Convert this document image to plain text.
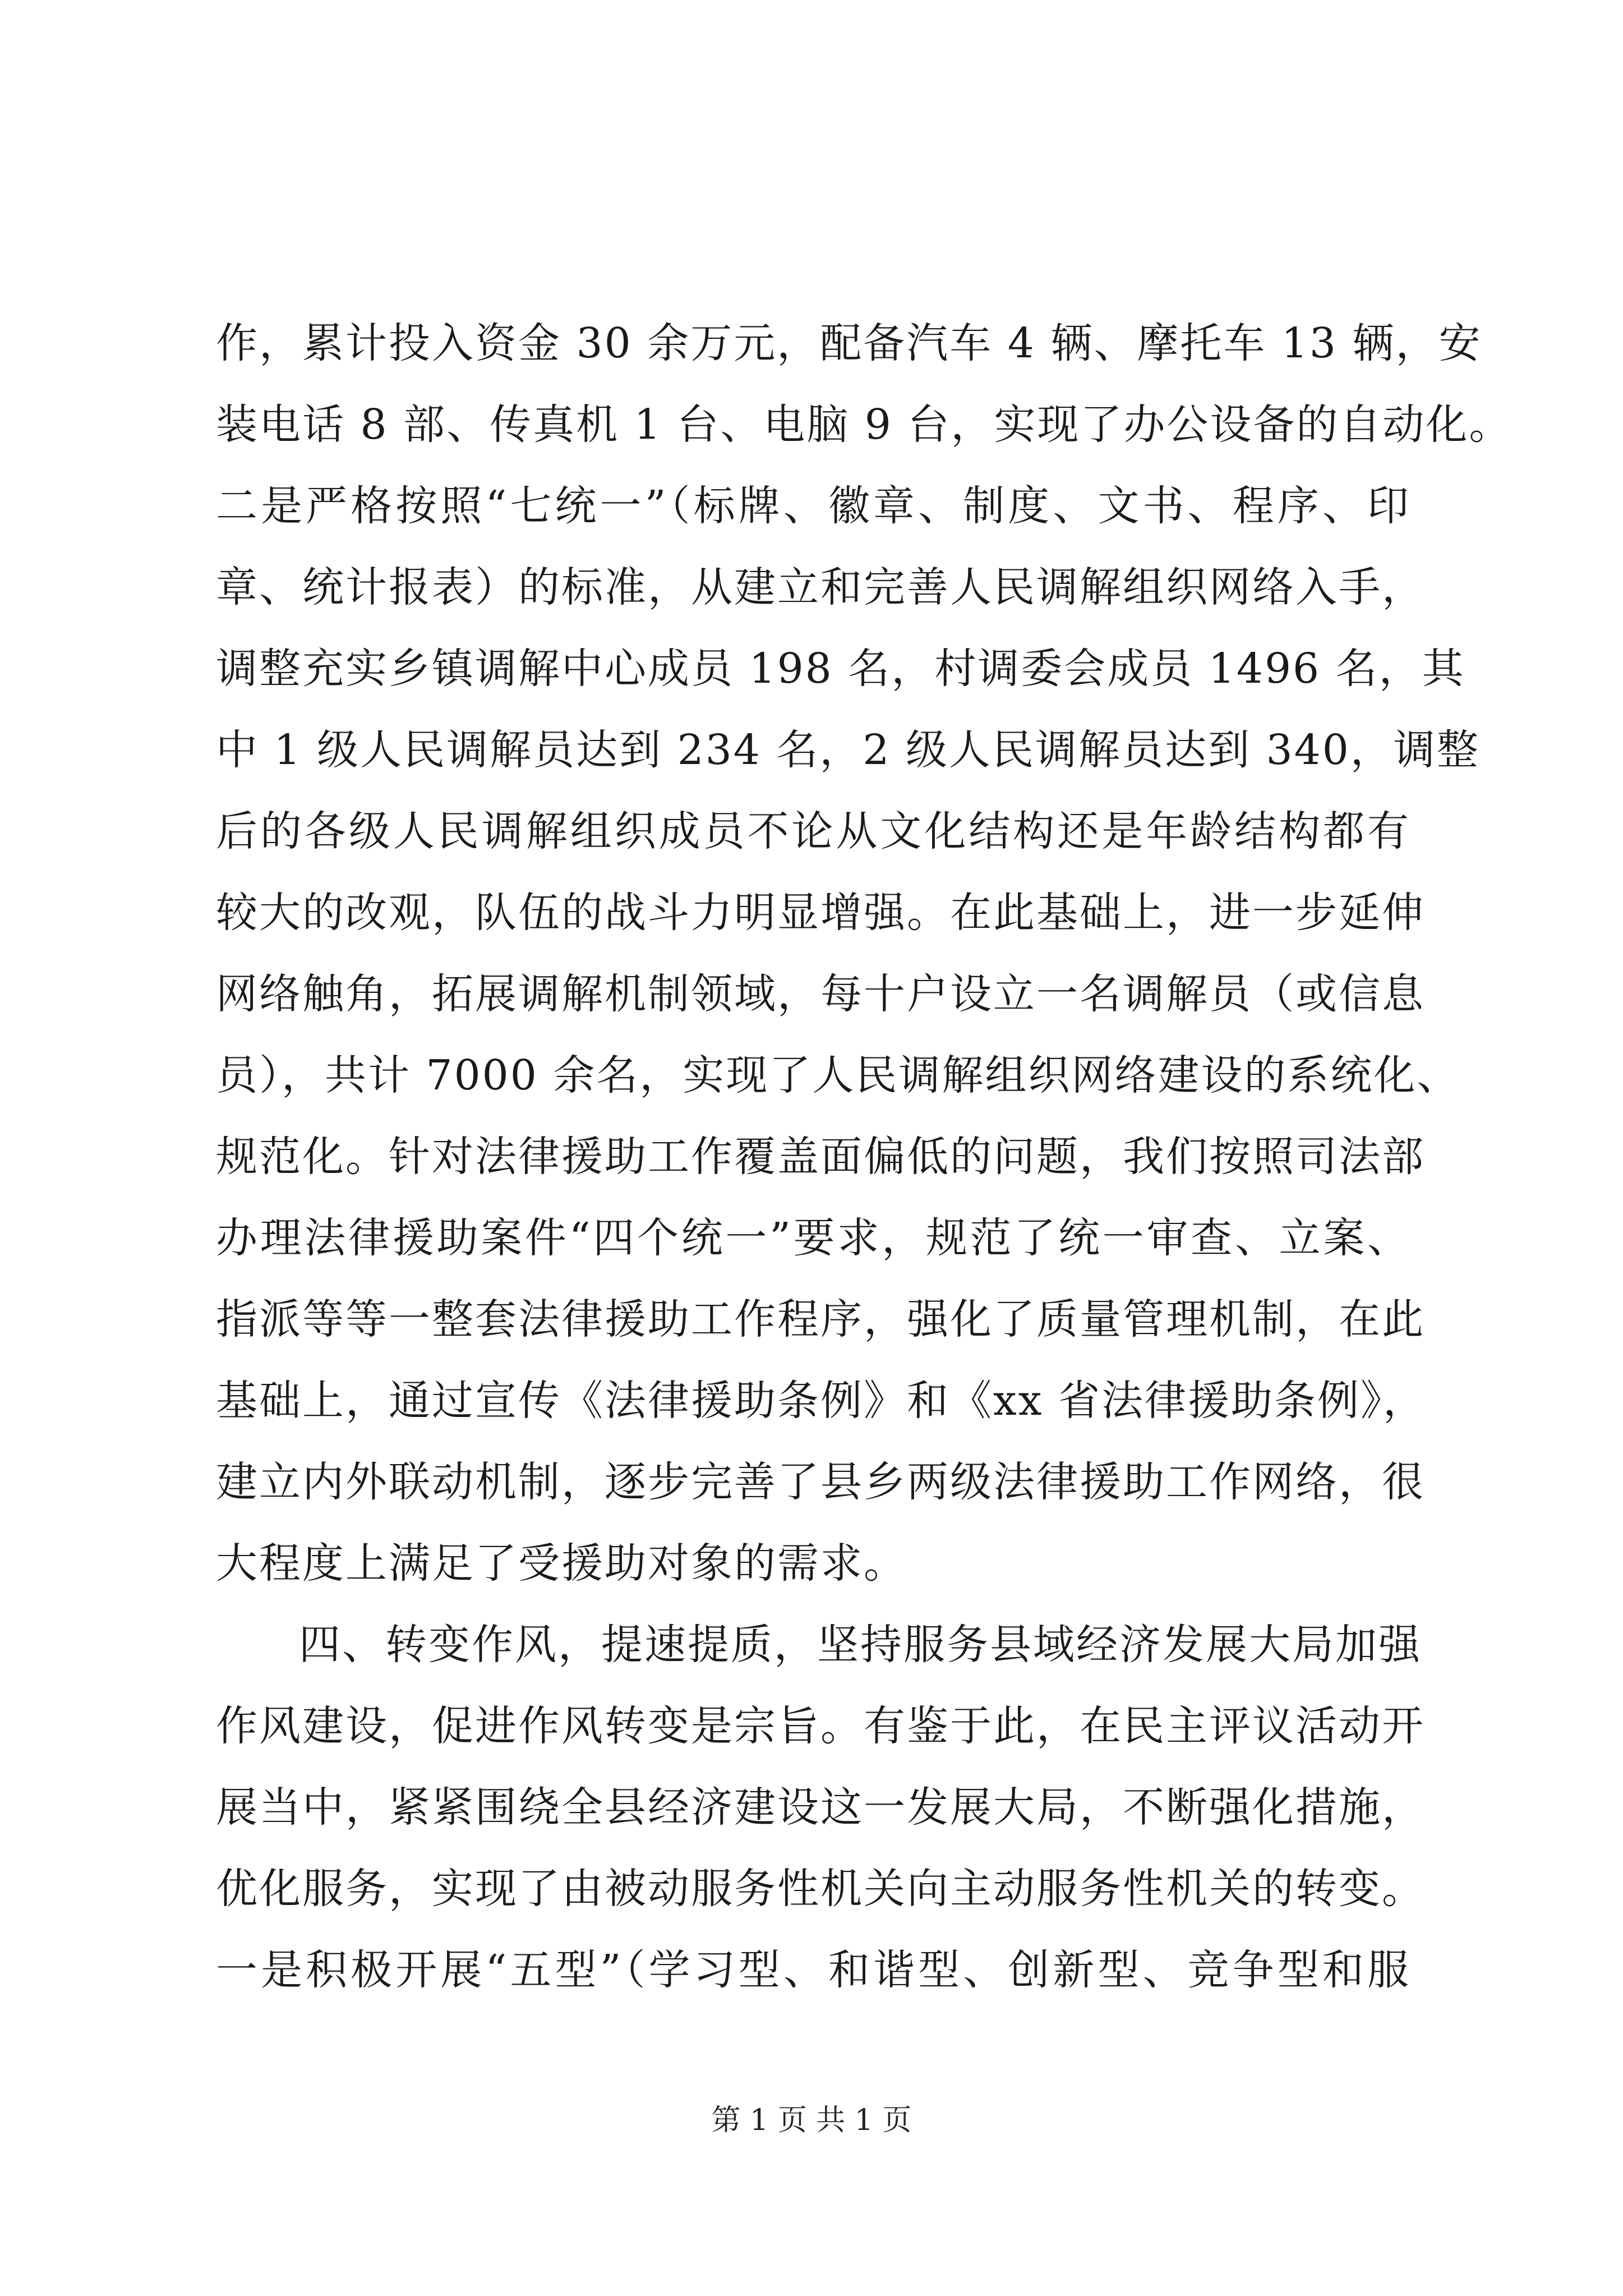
作，累计投入资金 30 余万元，配备汽车 4 辆、摩托车 13 辆，安
装电话 8 部、传真机 1 台、电脑 9 台，实现了办公设备的自动化。
二是严格按照“七统一”（标牌、徽章、制度、文书、程序、印
章、统计报表）的标准，从建立和完善人民调解组织网络入手，
调整充实乡镇调解中心成员 198 名，村调委会成员 1496 名，其
中 1 级人民调解员达到 234 名，2 级人民调解员达到 340，调整
后的各级人民调解组织成员不论从文化结构还是年龄结构都有
较大的改观，队伍的战斗力明显增强。在此基础上，进一步延伸
网络触角，拓展调解机制领域，每十户设立一名调解员（或信息
员），共计 7000 余名，实现了人民调解组织网络建设的系统化、
规范化。针对法律援助工作覆盖面偏低的问题，我们按照司法部
办理法律援助案件“四个统一”要求，规范了统一审查、立案、
指派等等一整套法律援助工作程序，强化了质量管理机制，在此
基础上，通过宣传《法律援助条例》和《xx 省法律援助条例》，
建立内外联动机制，逐步完善了县乡两级法律援助工作网络，很
大程度上满足了受援助对象的需求。
四、转变作风，提速提质，坚持服务县域经济发展大局加强
作风建设，促进作风转变是宗旨。有鉴于此，在民主评议活动开
展当中，紧紧围绕全县经济建设这一发展大局，不断强化措施，
优化服务，实现了由被动服务性机关向主动服务性机关的转变。
一是积极开展“五型”（学习型、和谐型、创新型、竞争型和服
第 1 页 共 1 页
